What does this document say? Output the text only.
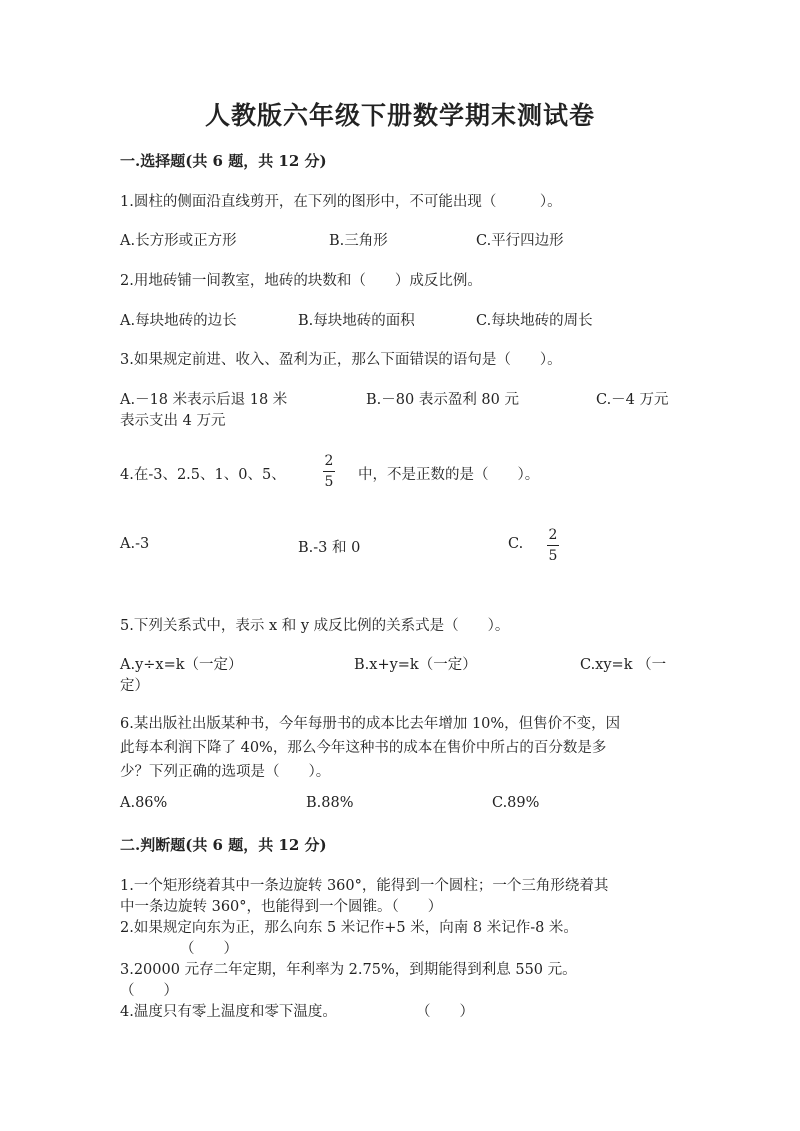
人教版六年级下册数学期末测试卷
一.选择题(共 6 题，共 12 分)
1.圆柱的侧面沿直线剪开，在下列的图形中，不可能出现（　　　）。
A.长方形或正方形	B.三角形	C.平行四边形
2.用地砖铺一间教室，地砖的块数和（　　）成反比例。
A.每块地砖的边长	B.每块地砖的面积	C.每块地砖的周长
3.如果规定前进、收入、盈利为正，那么下面错误的语句是（　　）。
A.－18 米表示后退 18 米	B.－80 表示盈利 80 元	C.－4 万元
表示支出 4 万元
4.在-3、2.5、1、0、5、
2
5 中，不是正数的是（　　）。
A.-3	B.-3 和 0	C.
2
5
5.下列关系式中，表示 x 和 y 成反比例的关系式是（　　）。
A.y÷x=k（一定）	B.x+y=k（一定）	C.xy=k （一
定）
6.某出版社出版某种书，今年每册书的成本比去年增加 10%，但售价不变，因
此每本利润下降了 40%，那么今年这种书的成本在售价中所占的百分数是多
少？下列正确的选项是（　　）。
A.86%	B.88%	C.89%
二.判断题(共 6 题，共 12 分)
1.一个矩形绕着其中一条边旋转 360°，能得到一个圆柱；一个三角形绕着其
中一条边旋转 360°，也能得到一个圆锥。（　　）
2.如果规定向东为正，那么向东 5 米记作+5 米，向南 8 米记作-8 米。
（　　）
3.20000 元存二年定期，年利率为 2.75%，到期能得到利息 550 元。
（　　）
4.温度只有零上温度和零下温度。	（　　）
